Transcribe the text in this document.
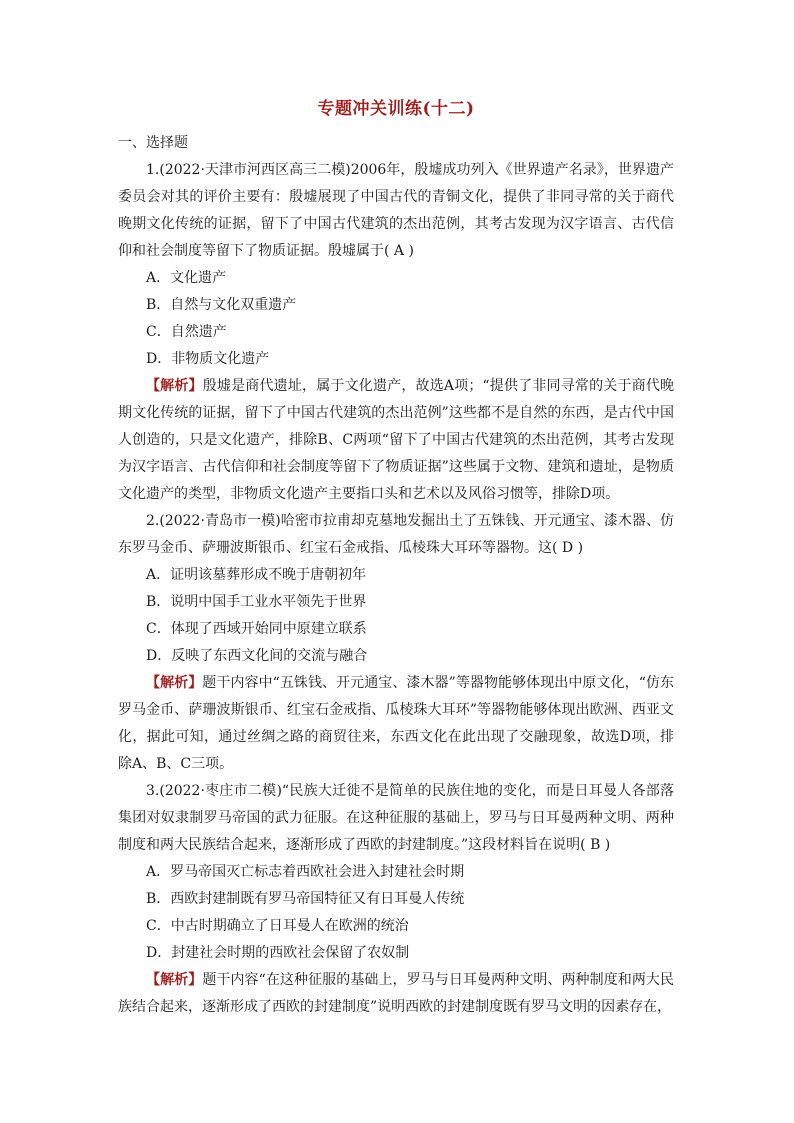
专题冲关训练(十二)

一、选择题

1.(2022·天津市河西区高三二模)2006年，殷墟成功列入《世界遗产名录》，世界遗产委员会对其的评价主要有：殷墟展现了中国古代的青铜文化，提供了非同寻常的关于商代晚期文化传统的证据，留下了中国古代建筑的杰出范例，其考古发现为汉字语言、古代信仰和社会制度等留下了物质证据。殷墟属于( A )

A．文化遗产

B．自然与文化双重遗产

C．自然遗产

D．非物质文化遗产

【解析】殷墟是商代遗址，属于文化遗产，故选A项；“提供了非同寻常的关于商代晚期文化传统的证据，留下了中国古代建筑的杰出范例”这些都不是自然的东西，是古代中国人创造的，只是文化遗产，排除B、C两项“留下了中国古代建筑的杰出范例，其考古发现为汉字语言、古代信仰和社会制度等留下了物质证据”这些属于文物、建筑和遗址，是物质文化遗产的类型，非物质文化遗产主要指口头和艺术以及风俗习惯等，排除D项。

2.(2022·青岛市一模)哈密市拉甫却克墓地发掘出土了五铢钱、开元通宝、漆木器、仿东罗马金币、萨珊波斯银币、红宝石金戒指、瓜棱珠大耳环等器物。这( D )

A．证明该墓葬形成不晚于唐朝初年

B．说明中国手工业水平领先于世界

C．体现了西域开始同中原建立联系

D．反映了东西文化间的交流与融合

【解析】题干内容中“五铢钱、开元通宝、漆木器”等器物能够体现出中原文化，“仿东罗马金币、萨珊波斯银币、红宝石金戒指、瓜棱珠大耳环”等器物能够体现出欧洲、西亚文化，据此可知，通过丝绸之路的商贸往来，东西文化在此出现了交融现象，故选D项，排除A、B、C三项。

3.(2022·枣庄市二模)“民族大迁徙不是简单的民族住地的变化，而是日耳曼人各部落集团对奴隶制罗马帝国的武力征服。在这种征服的基础上，罗马与日耳曼两种文明、两种制度和两大民族结合起来，逐渐形成了西欧的封建制度。”这段材料旨在说明( B )

A．罗马帝国灭亡标志着西欧社会进入封建社会时期

B．西欧封建制既有罗马帝国特征又有日耳曼人传统

C．中古时期确立了日耳曼人在欧洲的统治

D．封建社会时期的西欧社会保留了农奴制

【解析】题干内容“在这种征服的基础上，罗马与日耳曼两种文明、两种制度和两大民族结合起来，逐渐形成了西欧的封建制度”说明西欧的封建制度既有罗马文明的因素存在，
